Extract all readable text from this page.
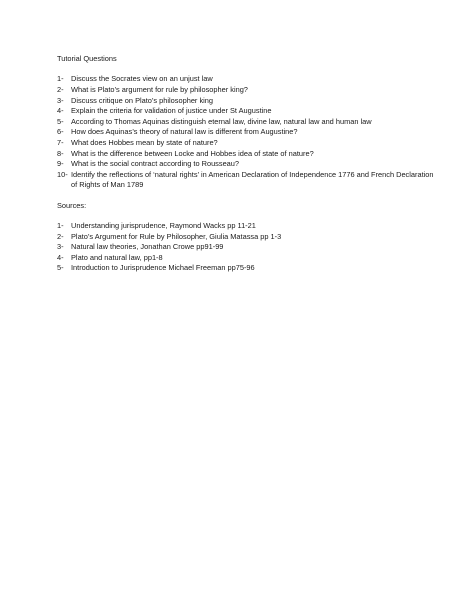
Tutorial Questions
1-	Discuss the Socrates view on an unjust law
2-	What is Plato’s argument for rule by philosopher king?
3-	Discuss critique on Plato’s philosopher king
4-	Explain the criteria for validation of justice under St Augustine
5-	According to Thomas Aquinas distinguish eternal law, divine law, natural law and human law
6-	How does Aquinas’s theory of natural law is different from Augustine?
7-	What does Hobbes mean by state of nature?
8-	What is the difference between Locke and Hobbes idea of state of nature?
9-	What is the social contract according to Rousseau?
10- Identify the reflections of ‘natural rights’ in American Declaration of Independence 1776 and French Declaration of Rights of Man 1789
Sources:
1-	Understanding jurisprudence, Raymond Wacks pp 11-21
2-	Plato’s Argument for Rule by Philosopher, Giulia Matassa pp 1-3
3-	Natural law theories, Jonathan Crowe pp91-99
4-	Plato and natural law, pp1-8
5-	Introduction to Jurisprudence Michael Freeman pp75-96
